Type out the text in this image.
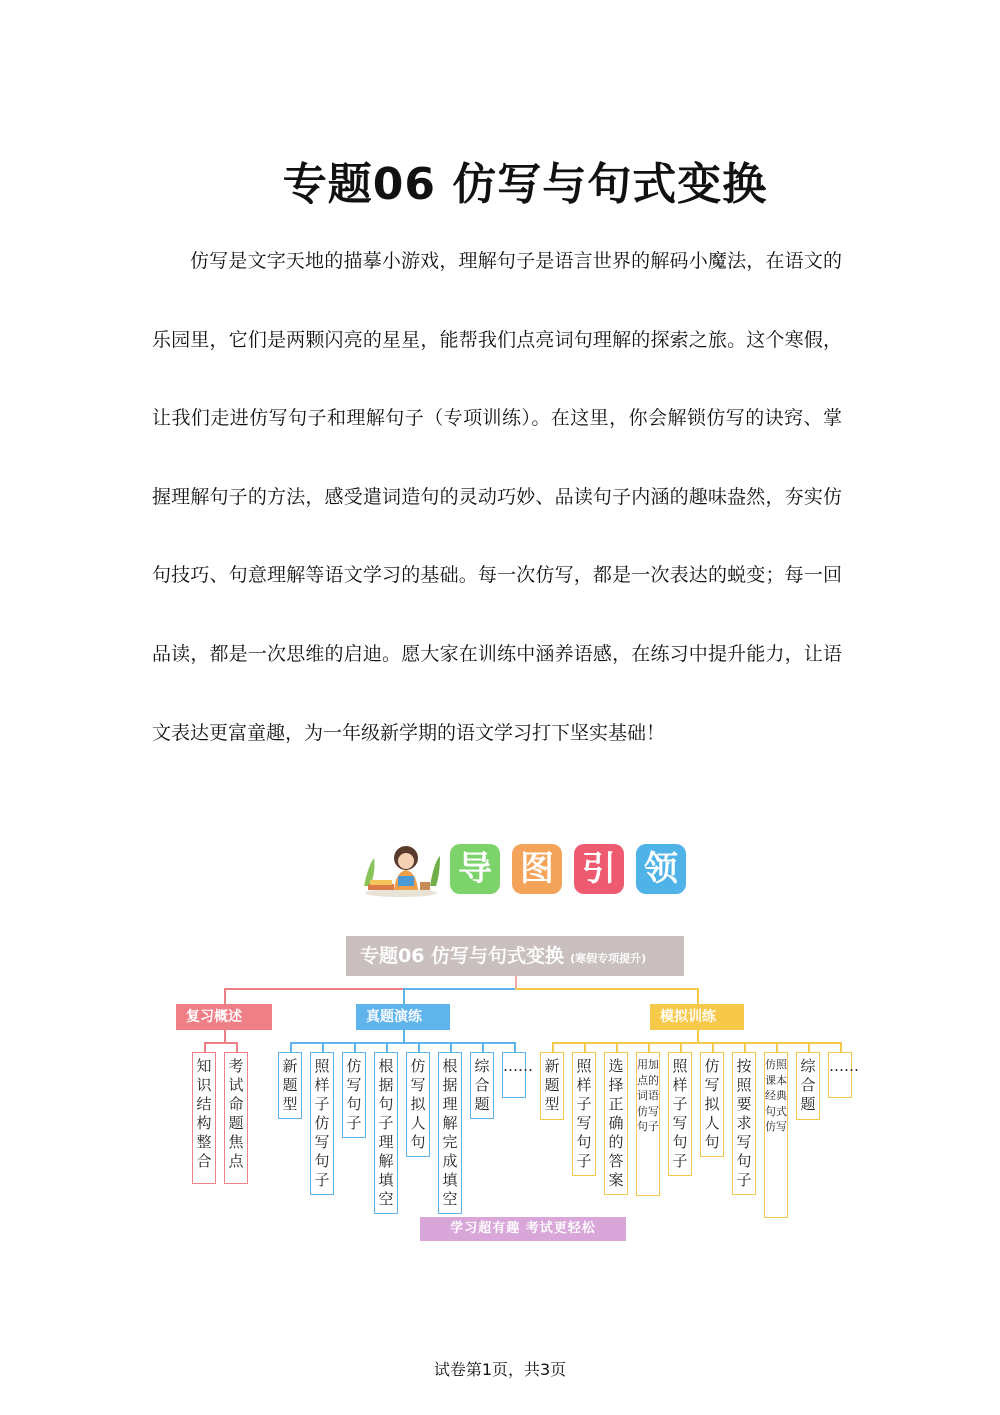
专题06 仿写与句式变换

仿写是文字天地的描摹小游戏，理解句子是语言世界的解码小魔法，在语文的乐园里，它们是两颗闪亮的星星，能帮我们点亮词句理解的探索之旅。这个寒假，让我们走进仿写句子和理解句子（专项训练）。在这里，你会解锁仿写的诀窍、掌握理解句子的方法，感受遣词造句的灵动巧妙、品读句子内涵的趣味盎然，夯实仿句技巧、句意理解等语文学习的基础。每一次仿写，都是一次表达的蜕变；每一回品读，都是一次思维的启迪。愿大家在训练中涵养语感，在练习中提升能力，让语文表达更富童趣，为一年级新学期的语文学习打下坚实基础！

导 图 引 领
专题06 仿写与句式变换 (寒假专项提升)
复习概述
知识结构整合
考试命题焦点
真题演练
新题型
照样子仿写句子
仿写句子
根据句子理解填空
仿写拟人句
根据理解完成填空
综合题
……
模拟训练
新题型
照样子写句子
选择正确的答案
用加点的词语仿写句子
照样子写句子
仿写拟人句
按照要求写句子
仿照课本经典句式仿写
综合题
……
学习超有趣 考试更轻松
试卷第1页，共3页
